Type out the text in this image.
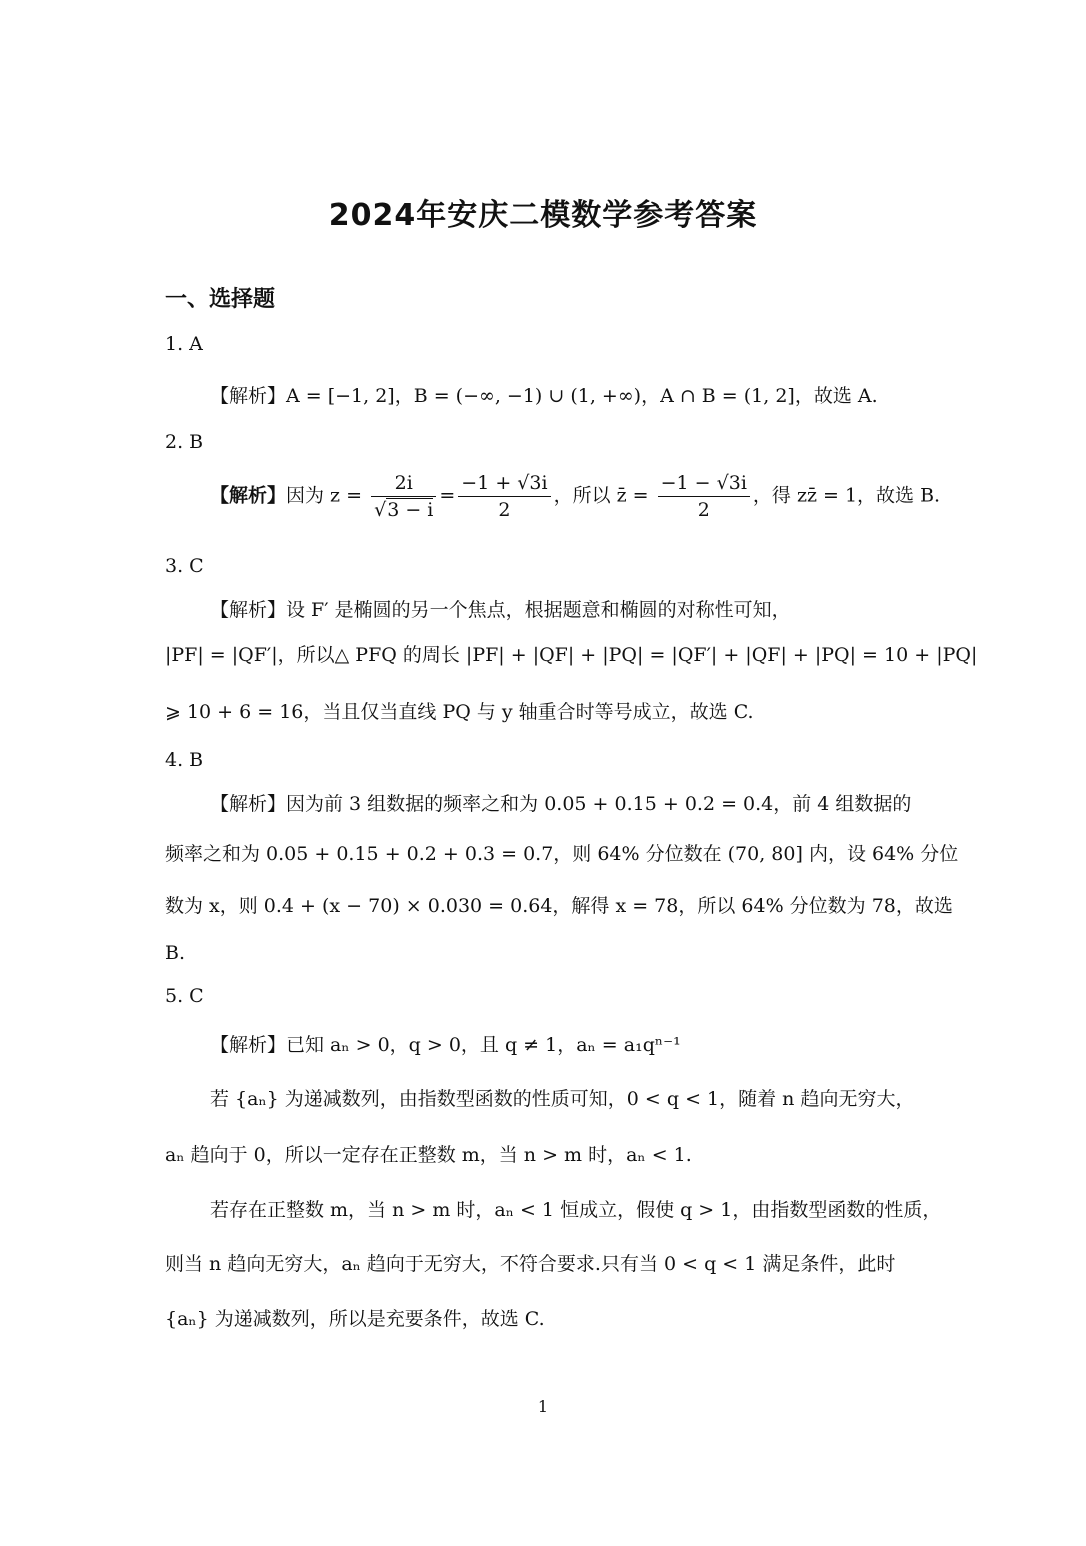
2024年安庆二模数学参考答案
一、选择题
1. A
【解析】A = [−1, 2]，B = (−∞, −1) ∪ (1, +∞)，A ∩ B = (1, 2]，故选 A.
2. B
【解析】因为 $z = \frac{2i}{√3 - i} = \frac{-1 + √3i}{2}$ ，所以 z̄ = $\frac{-1 - √3i}{2}$ ，得 zz̄ = 1，故选 B.
3. C
【解析】设 F′ 是椭圆的另一个焦点，根据题意和椭圆的对称性可知，
|PF| = |QF′|，所以△ PFQ 的周长 |PF| + |QF| + |PQ| = |QF′| + |QF| + |PQ| = 10 + |PQ|
⩾ 10 + 6 = 16，当且仅当直线 PQ 与 y 轴重合时等号成立，故选 C.
4. B
【解析】因为前 3 组数据的频率之和为 0.05 + 0.15 + 0.2 = 0.4，前 4 组数据的
频率之和为 0.05 + 0.15 + 0.2 + 0.3 = 0.7，则 64% 分位数在 (70, 80] 内，设 64% 分位
数为 x，则 0.4 + (x − 70) × 0.030 = 0.64，解得 x = 78，所以 64% 分位数为 78，故选
B.
5. C
【解析】已知 aₙ > 0，q > 0，且 q ≠ 1，aₙ = a₁qⁿ⁻¹
若 {aₙ} 为递减数列，由指数型函数的性质可知，0 < q < 1，随着 n 趋向无穷大，
aₙ 趋向于 0，所以一定存在正整数 m，当 n > m 时，aₙ < 1.
若存在正整数 m，当 n > m 时，aₙ < 1 恒成立，假使 q > 1，由指数型函数的性质，
则当 n 趋向无穷大，aₙ 趋向于无穷大，不符合要求.只有当 0 < q < 1 满足条件，此时
{aₙ} 为递减数列，所以是充要条件，故选 C.
1
